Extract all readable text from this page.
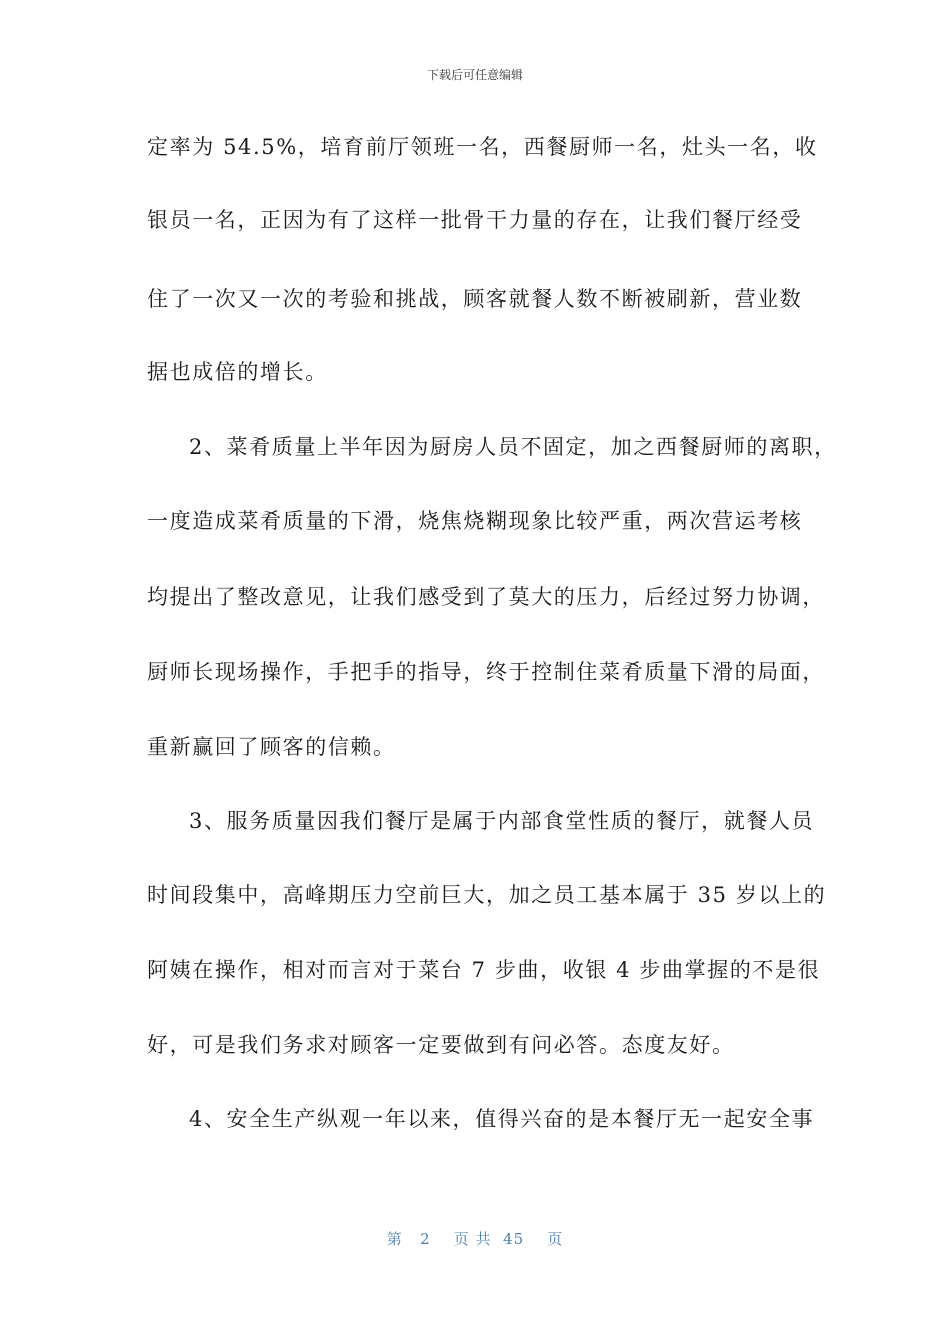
下载后可任意编辑
定率为 54.5%，培育前厅领班一名，西餐厨师一名，灶头一名，收
银员一名，正因为有了这样一批骨干力量的存在，让我们餐厅经受
住了一次又一次的考验和挑战，顾客就餐人数不断被刷新，营业数
据也成倍的增长。
2、菜肴质量上半年因为厨房人员不固定，加之西餐厨师的离职，
一度造成菜肴质量的下滑，烧焦烧糊现象比较严重，两次营运考核
均提出了整改意见，让我们感受到了莫大的压力，后经过努力协调，
厨师长现场操作，手把手的指导，终于控制住菜肴质量下滑的局面，
重新赢回了顾客的信赖。
3、服务质量因我们餐厅是属于内部食堂性质的餐厅，就餐人员
时间段集中，高峰期压力空前巨大，加之员工基本属于 35 岁以上的
阿姨在操作，相对而言对于菜台 7 步曲，收银 4 步曲掌握的不是很
好，可是我们务求对顾客一定要做到有问必答。态度友好。
4、安全生产纵观一年以来，值得兴奋的是本餐厅无一起安全事
第 2 页 共 45 页
